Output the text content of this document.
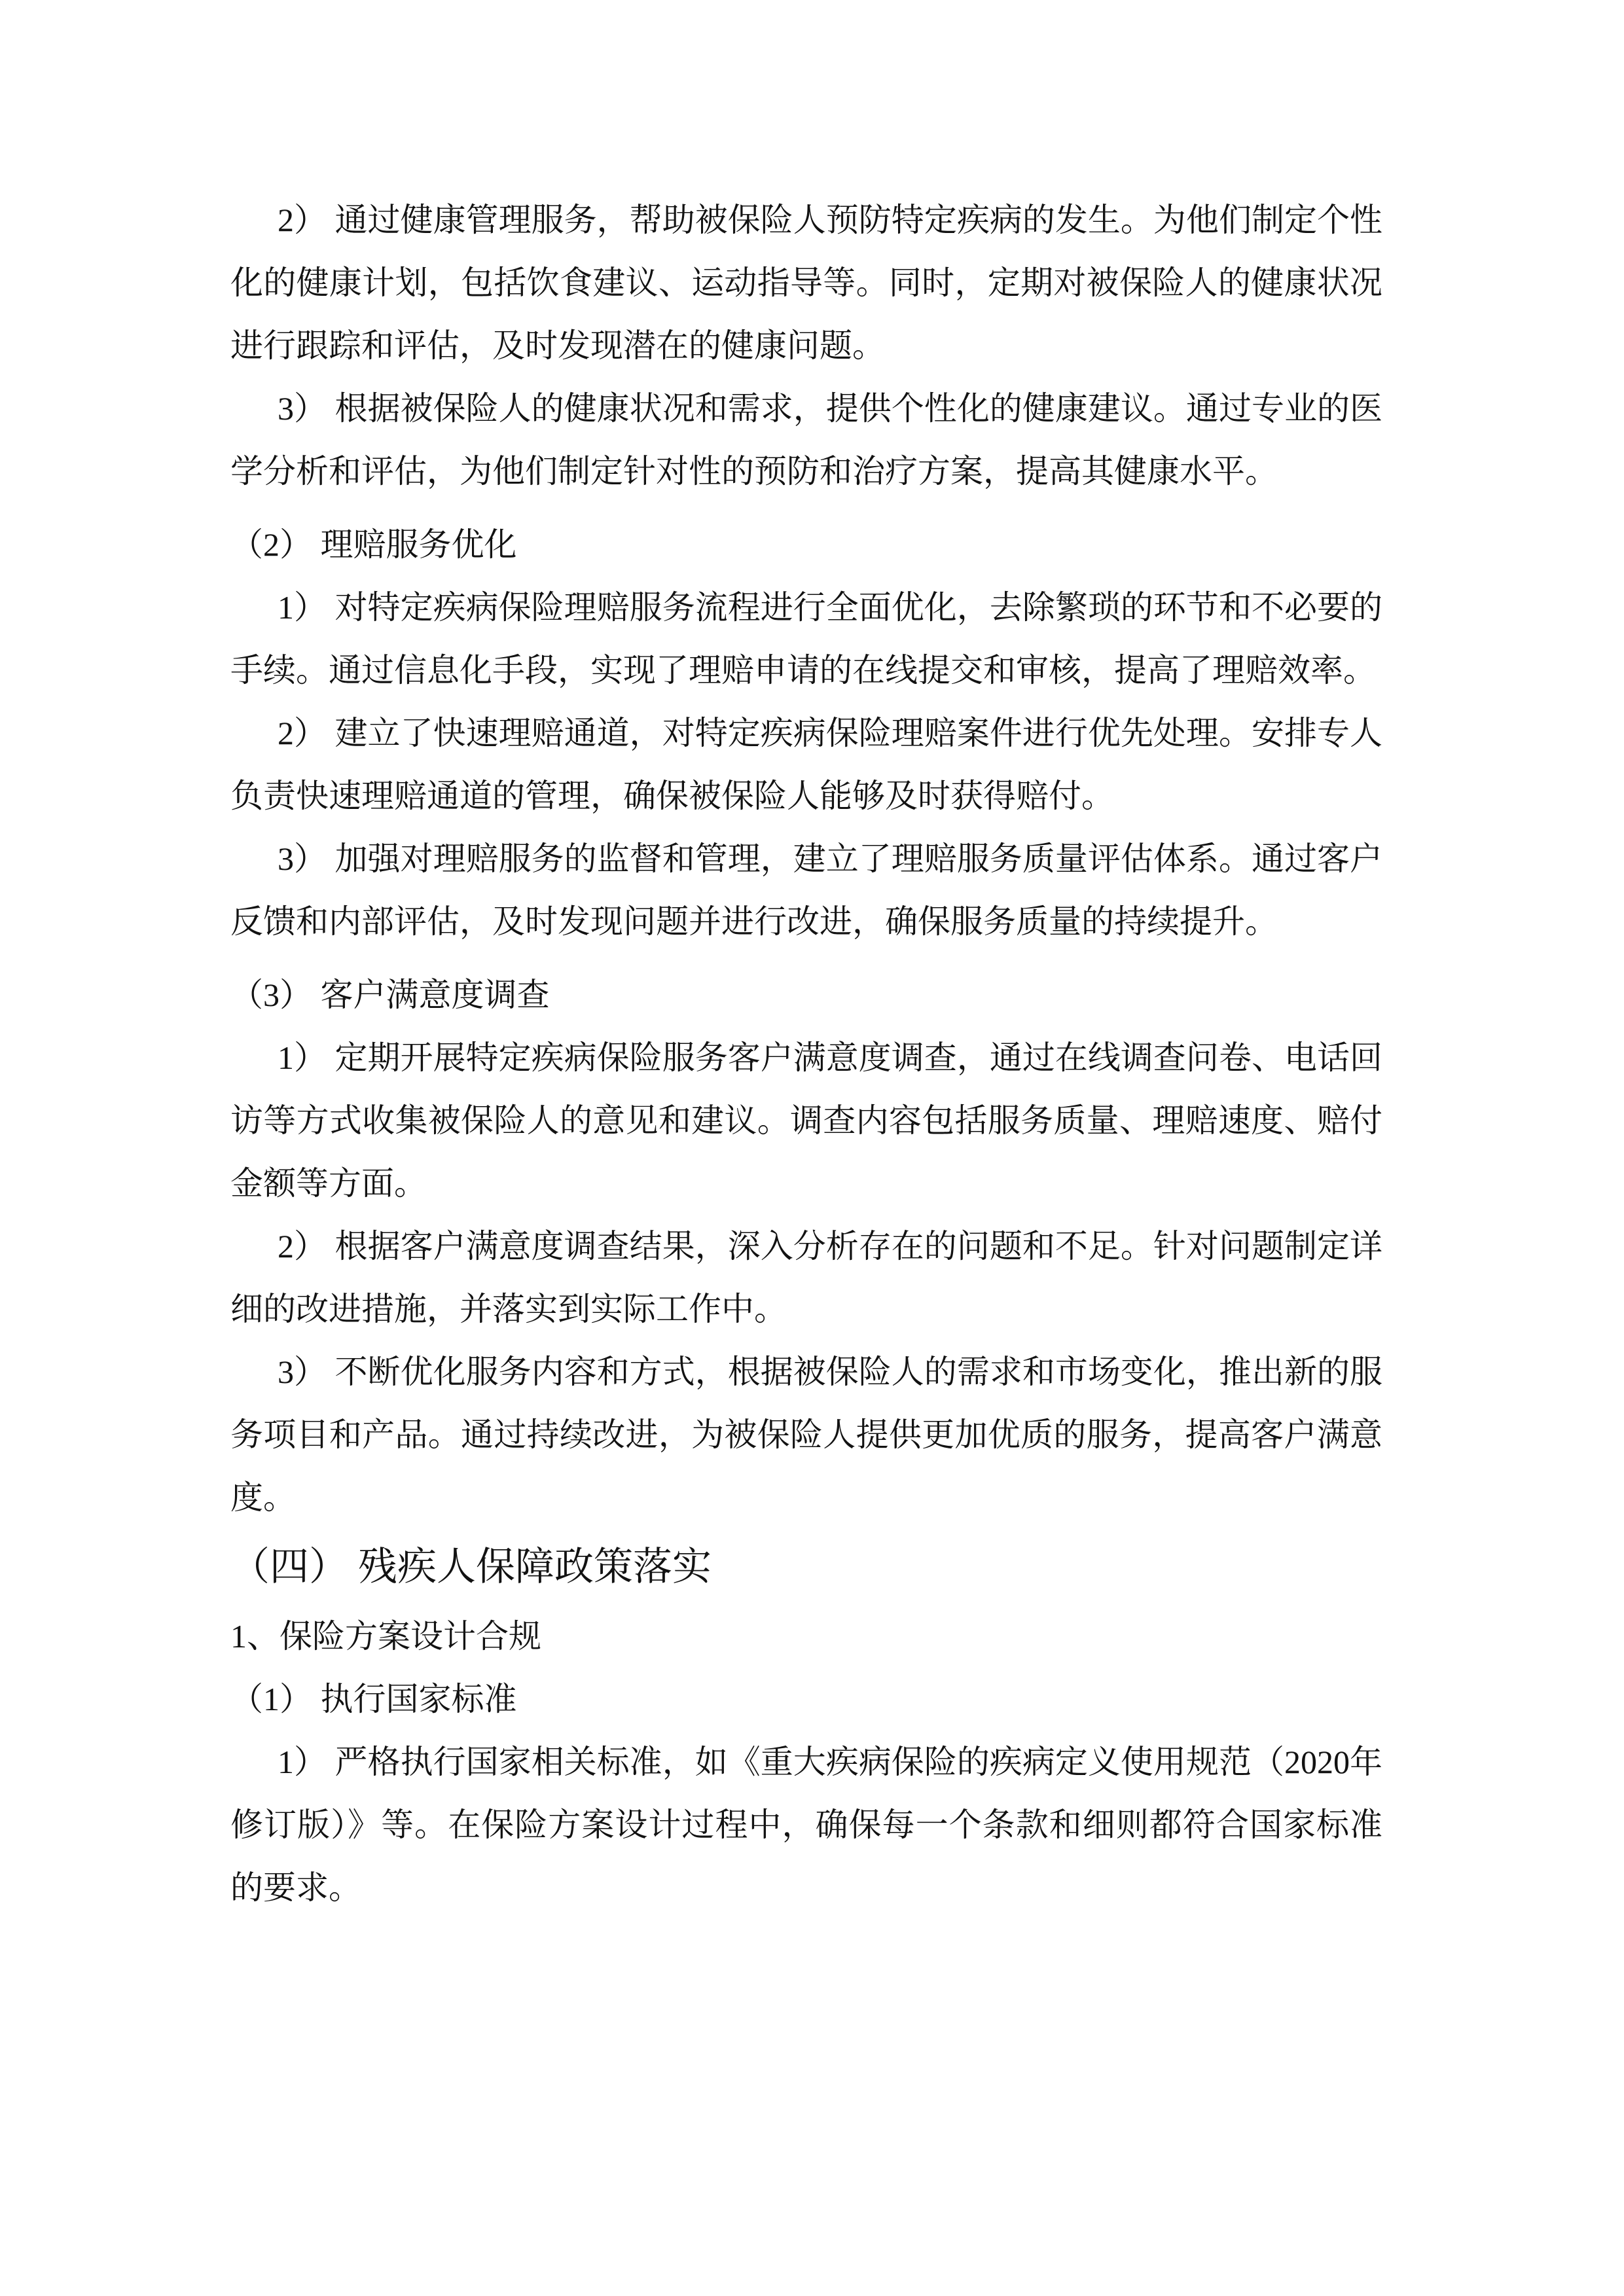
2） 通过健康管理服务，帮助被保险人预防特定疾病的发生。为他们制定个性化的健康计划，包括饮食建议、运动指导等。同时，定期对被保险人的健康状况进行跟踪和评估，及时发现潜在的健康问题。

3） 根据被保险人的健康状况和需求，提供个性化的健康建议。通过专业的医学分析和评估，为他们制定针对性的预防和治疗方案，提高其健康水平。

（2） 理赔服务优化

1） 对特定疾病保险理赔服务流程进行全面优化，去除繁琐的环节和不必要的手续。通过信息化手段，实现了理赔申请的在线提交和审核，提高了理赔效率。

2） 建立了快速理赔通道，对特定疾病保险理赔案件进行优先处理。安排专人负责快速理赔通道的管理，确保被保险人能够及时获得赔付。

3） 加强对理赔服务的监督和管理，建立了理赔服务质量评估体系。通过客户反馈和内部评估，及时发现问题并进行改进，确保服务质量的持续提升。

（3） 客户满意度调查

1） 定期开展特定疾病保险服务客户满意度调查，通过在线调查问卷、电话回访等方式收集被保险人的意见和建议。调查内容包括服务质量、理赔速度、赔付金额等方面。

2） 根据客户满意度调查结果，深入分析存在的问题和不足。针对问题制定详细的改进措施，并落实到实际工作中。

3） 不断优化服务内容和方式，根据被保险人的需求和市场变化，推出新的服务项目和产品。通过持续改进，为被保险人提供更加优质的服务，提高客户满意度。

（四） 残疾人保障政策落实

1、保险方案设计合规

（1） 执行国家标准

1） 严格执行国家相关标准，如《重大疾病保险的疾病定义使用规范（2020年修订版）》等。在保险方案设计过程中，确保每一个条款和细则都符合国家标准的要求。
